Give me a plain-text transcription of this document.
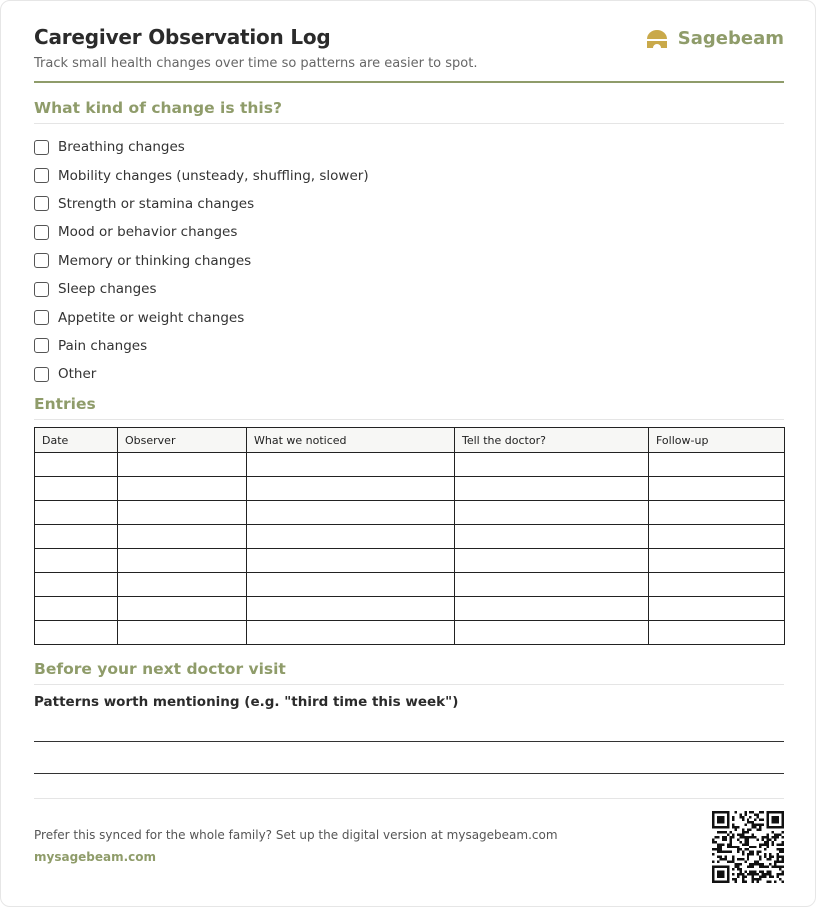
Caregiver Observation Log
Track small health changes over time so patterns are easier to spot.
Sagebeam
What kind of change is this?
Breathing changes
Mobility changes (unsteady, shuffling, slower)
Strength or stamina changes
Mood or behavior changes
Memory or thinking changes
Sleep changes
Appetite or weight changes
Pain changes
Other
Entries
Date	Observer	What we noticed	Tell the doctor?	Follow-up

Before your next doctor visit
Patterns worth mentioning (e.g. "third time this week")
Prefer this synced for the whole family? Set up the digital version at mysagebeam.com
mysagebeam.com
